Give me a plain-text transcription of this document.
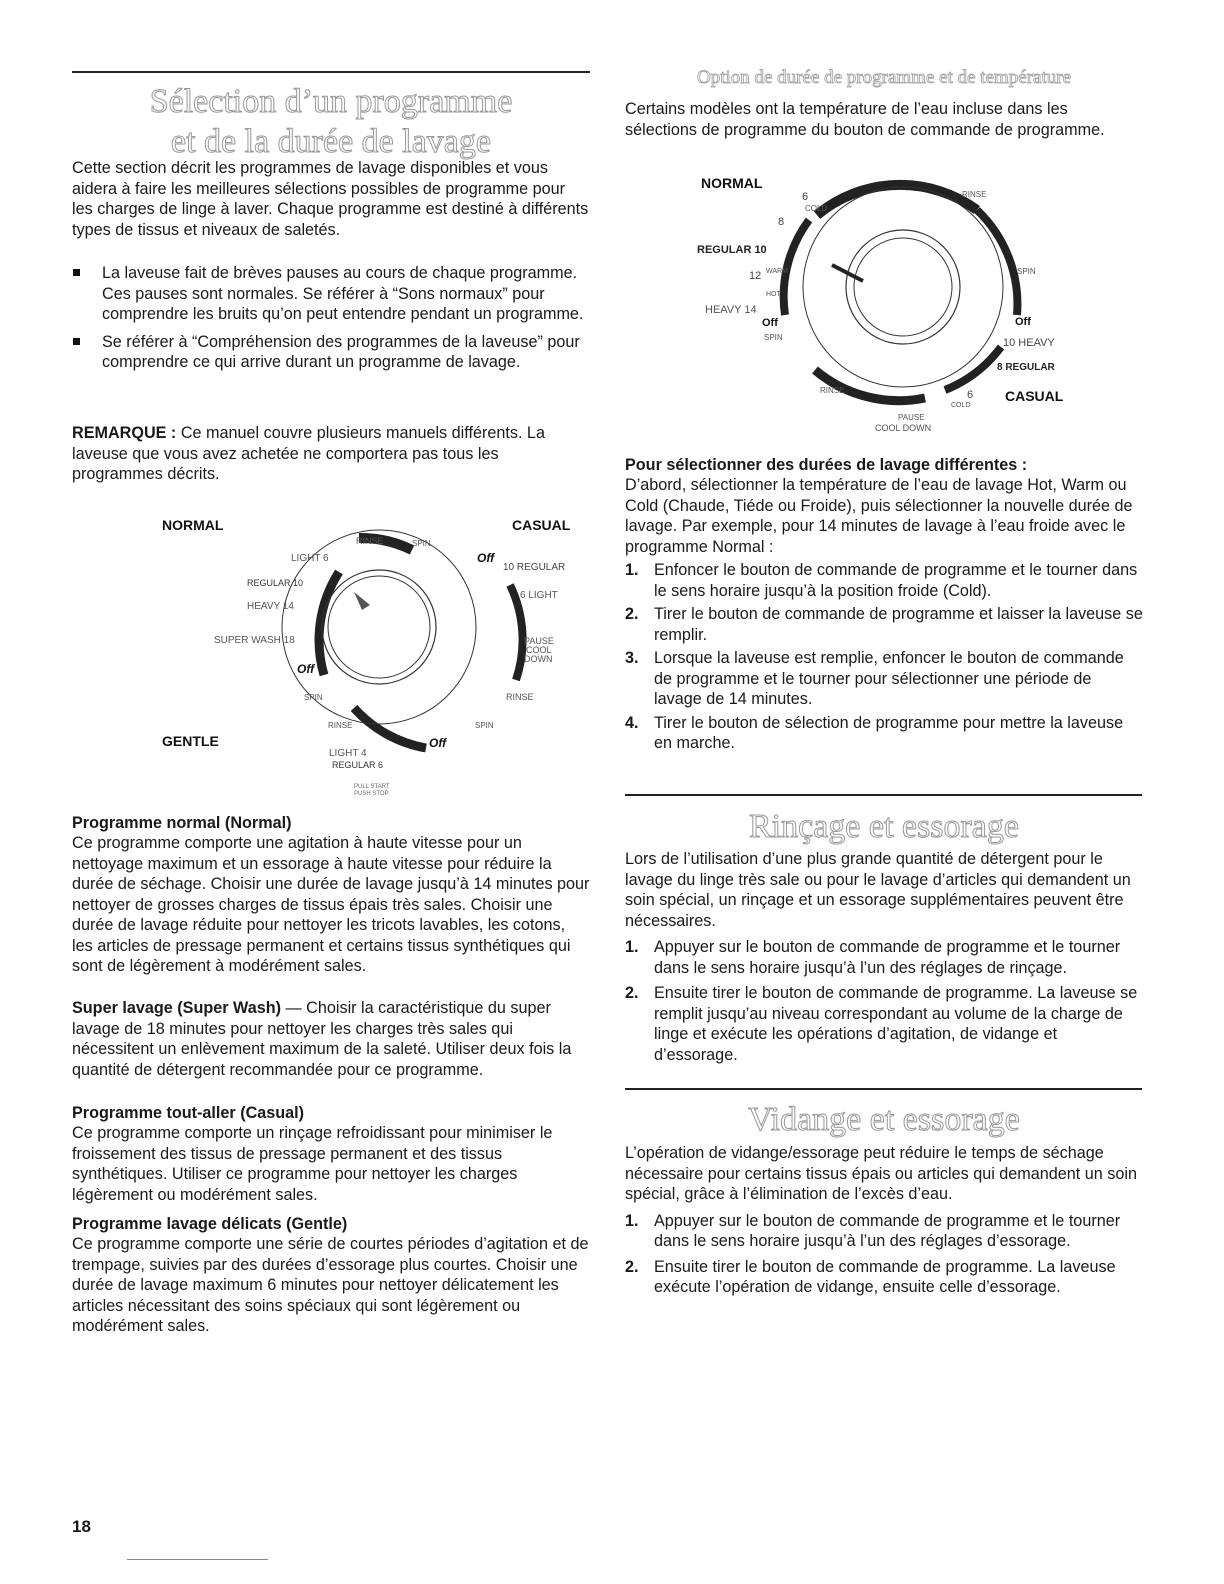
Sélection d’un programme
et de la durée de lavage

Cette section décrit les programmes de lavage disponibles et vous aidera à faire les meilleures sélections possibles de programme pour les charges de linge à laver. Chaque programme est destiné à différents types de tissus et niveaux de saletés.

La laveuse fait de brèves pauses au cours de chaque programme. Ces pauses sont normales. Se référer à “Sons normaux” pour comprendre les bruits qu’on peut entendre pendant un programme.
Se référer à “Compréhension des programmes de la laveuse” pour comprendre ce qui arrive durant un programme de lavage.

REMARQUE : Ce manuel couvre plusieurs manuels différents. La laveuse que vous avez achetée ne comportera pas tous les programmes décrits.

NORMAL	CASUAL
GENTLE
RINSE	SPIN
Off
10 REGULAR
6 LIGHT
PAUSE
COOL
DOWN
RINSE
SPIN
Off
LIGHT 4
REGULAR 6
RINSE
SPIN
Off
SUPER WASH 18
HEAVY 14
REGULAR 10
LIGHT 6
PULL START
PUSH STOP
Programme normal (Normal)

Ce programme comporte une agitation à haute vitesse pour un nettoyage maximum et un essorage à haute vitesse pour réduire la durée de séchage. Choisir une durée de lavage jusqu’à 14 minutes pour nettoyer de grosses charges de tissus épais très sales. Choisir une durée de lavage réduite pour nettoyer les tricots lavables, les cotons, les articles de pressage permanent et certains tissus synthétiques qui sont de légèrement à modérément sales.

Super lavage (Super Wash) — Choisir la caractéristique du super lavage de 18 minutes pour nettoyer les charges très sales qui nécessitent un enlèvement maximum de la saleté. Utiliser deux fois la quantité de détergent recommandée pour ce programme.

Programme tout-aller (Casual)

Ce programme comporte un rinçage refroidissant pour minimiser le froissement des tissus de pressage permanent et des tissus synthétiques. Utiliser ce programme pour nettoyer les charges légèrement ou modérément sales.

Programme lavage délicats (Gentle)

Ce programme comporte une série de courtes périodes d’agitation et de trempage, suivies par des durées d’essorage plus courtes. Choisir une durée de lavage maximum 6 minutes pour nettoyer délicatement les articles nécessitant des soins spéciaux qui sont légèrement ou modérément sales.

Option de durée de programme et de température

Certains modèles ont la température de l’eau incluse dans les sélections de programme du bouton de commande de programme.

NORMAL
CASUAL
6
COLD
8
REGULAR 10
12 WARM
HOT
HEAVY 14
Off
SPIN
RINSE
SPIN
Off
10 HEAVY
8 REGULAR
6
COLD
RINSE
PAUSE
COOL DOWN
Pour sélectionner des durées de lavage différentes :

D’abord, sélectionner la température de l’eau de lavage Hot, Warm ou Cold (Chaude, Tiéde ou Froide), puis sélectionner la nouvelle durée de lavage. Par exemple, pour 14 minutes de lavage à l’eau froide avec le programme Normal :

1. Enfoncer le bouton de commande de programme et le tourner dans le sens horaire jusqu’à la position froide (Cold).
2. Tirer le bouton de commande de programme et laisser la laveuse se remplir.
3. Lorsque la laveuse est remplie, enfoncer le bouton de commande de programme et le tourner pour sélectionner une période de lavage de 14 minutes.
4. Tirer le bouton de sélection de programme pour mettre la laveuse en marche.
Rinçage et essorage

Lors de l’utilisation d’une plus grande quantité de détergent pour le lavage du linge très sale ou pour le lavage d’articles qui demandent un soin spécial, un rinçage et un essorage supplémentaires peuvent être nécessaires.

1. Appuyer sur le bouton de commande de programme et le tourner dans le sens horaire jusqu’à l’un des réglages de rinçage.
2. Ensuite tirer le bouton de commande de programme. La laveuse se remplit jusqu’au niveau correspondant au volume de la charge de linge et exécute les opérations d’agitation, de vidange et d’essorage.
Vidange et essorage

L’opération de vidange/essorage peut réduire le temps de séchage nécessaire pour certains tissus épais ou articles qui demandent un soin spécial, grâce à l’élimination de l’excès d’eau.

1. Appuyer sur le bouton de commande de programme et le tourner dans le sens horaire jusqu’à l’un des réglages d’essorage.
2. Ensuite tirer le bouton de commande de programme. La laveuse exécute l’opération de vidange, ensuite celle d’essorage.
18
